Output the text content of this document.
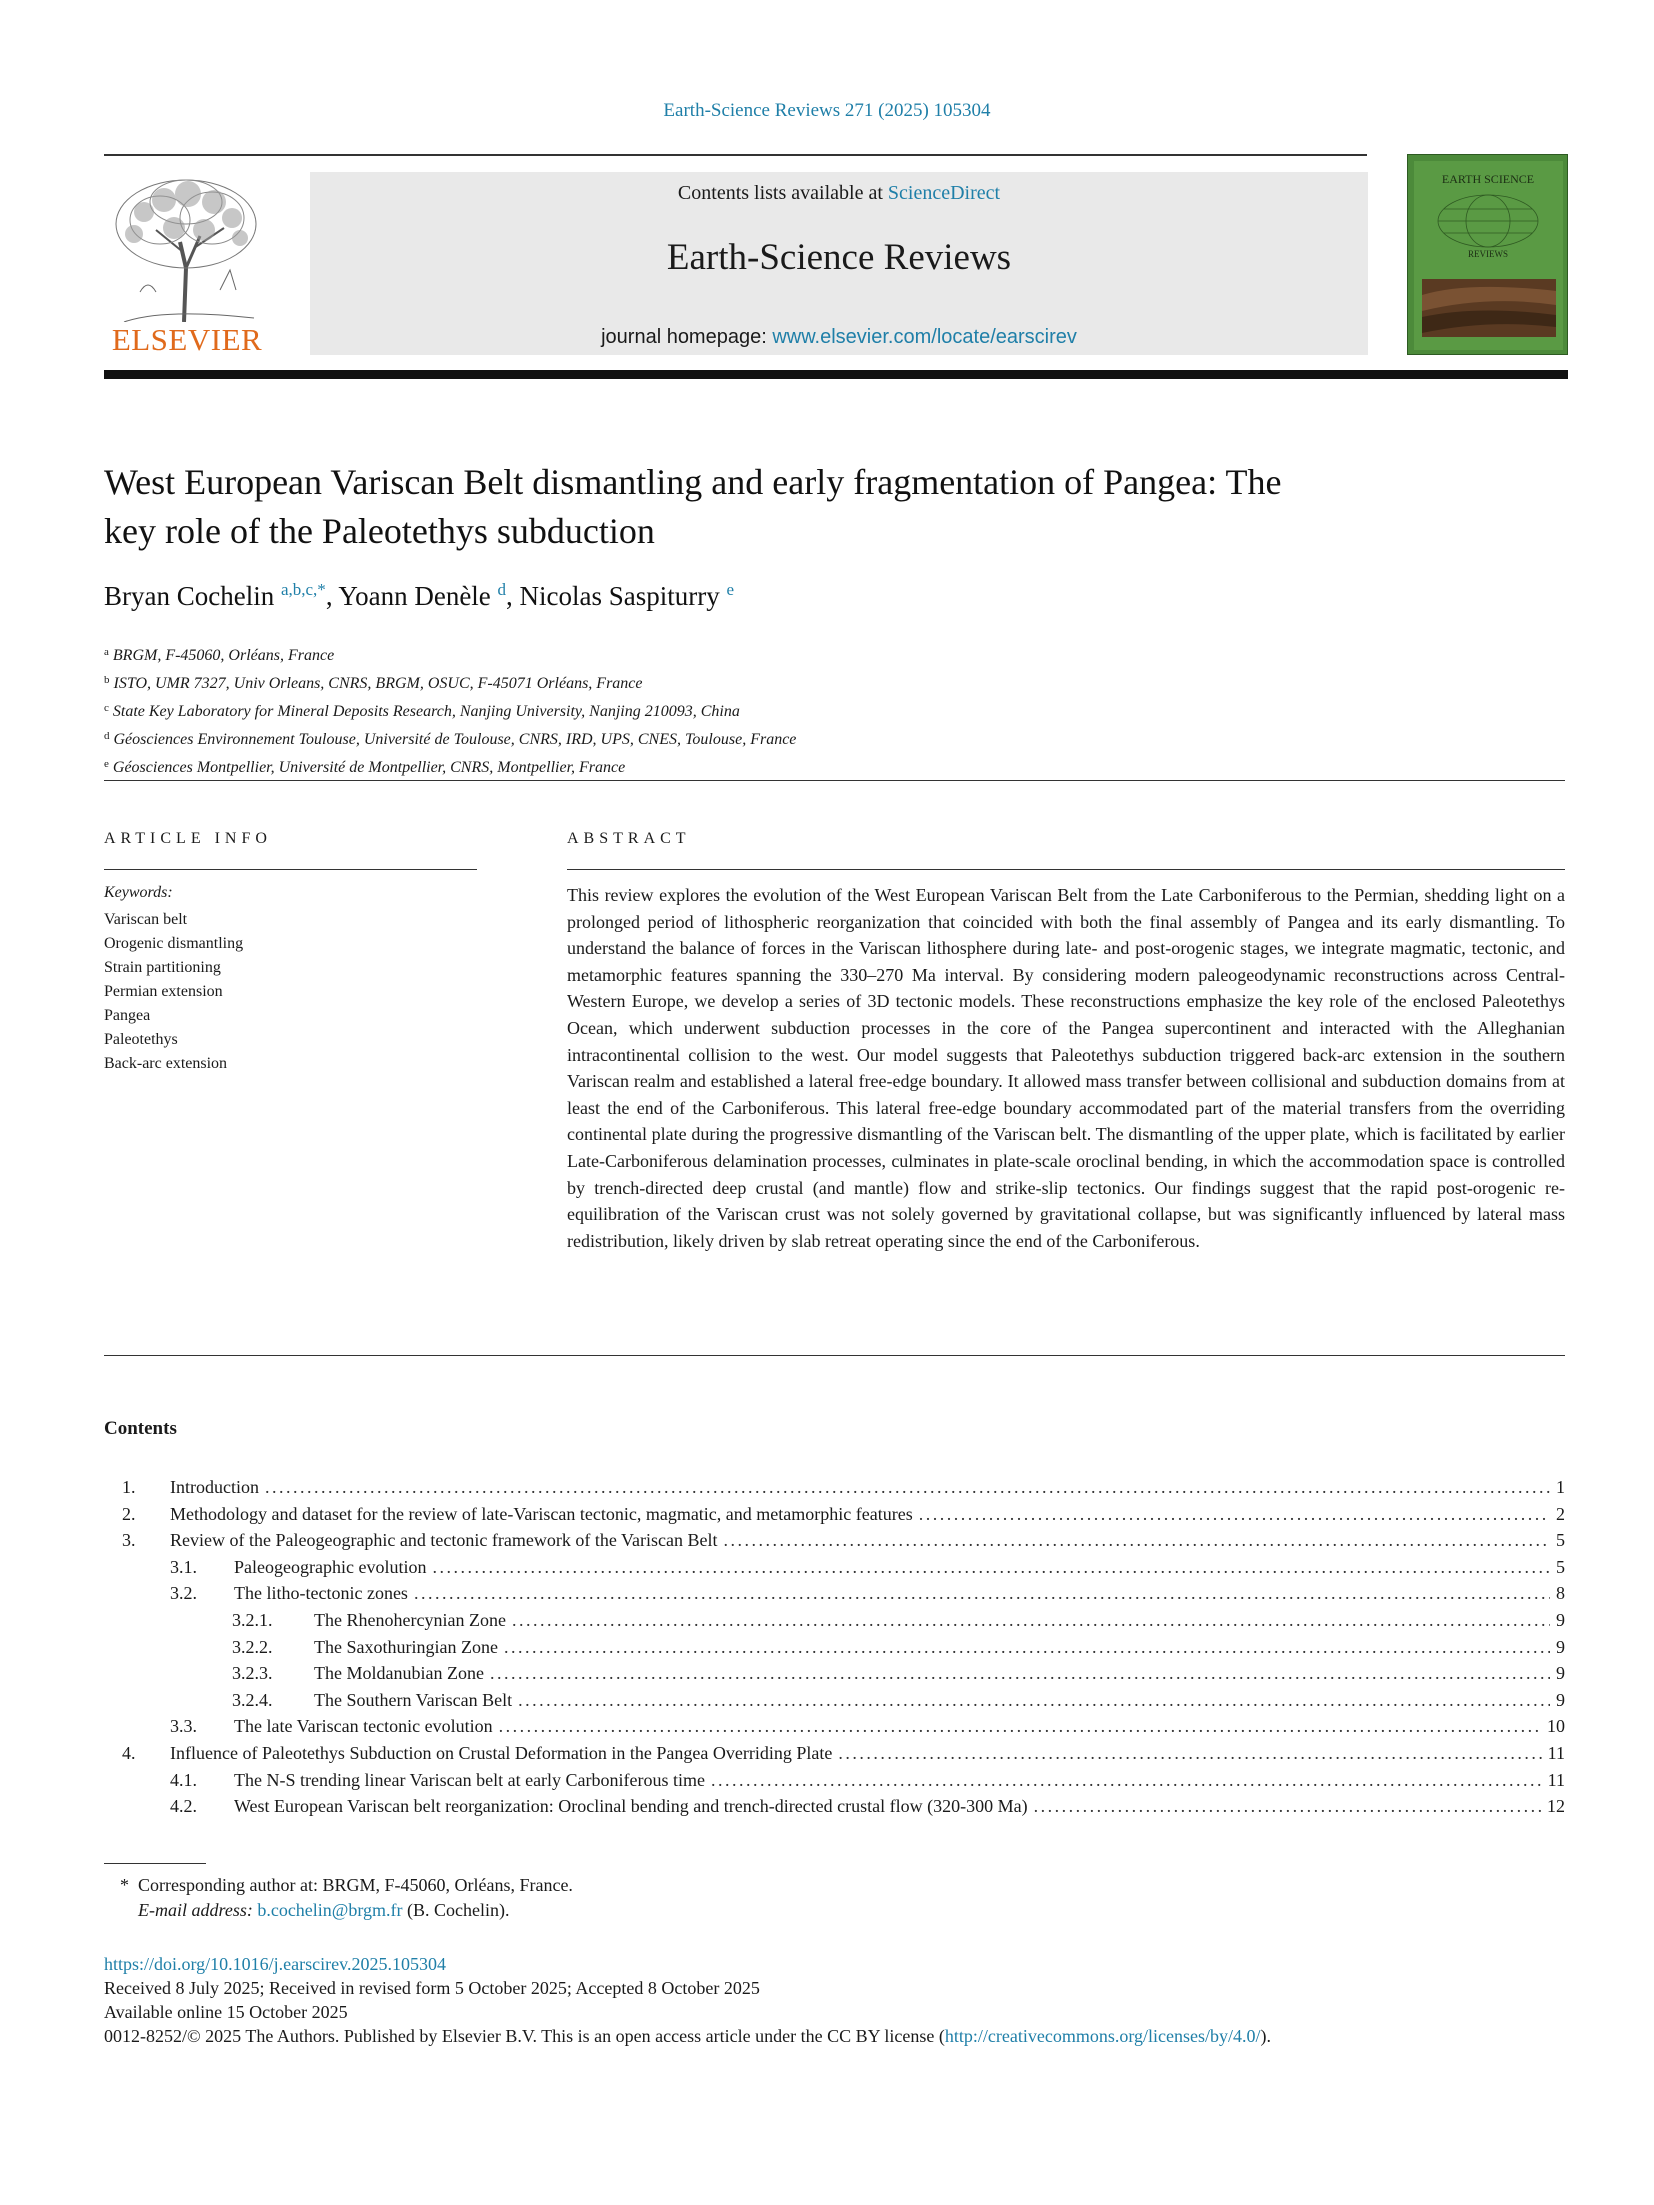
Earth-Science Reviews 271 (2025) 105304
ELSEVIER
Contents lists available at ScienceDirect
Earth-Science Reviews
journal homepage: www.elsevier.com/locate/earscirev
EARTH SCIENCE
REVIEWS
West European Variscan Belt dismantling and early fragmentation of Pangea: The key role of the Paleotethys subduction
Bryan Cochelin $^{a,b,c,*}$, Yoann Denèle $^d$, Nicolas Saspiturry $^e$
$^a$ BRGM, F-45060, Orléans, France
$^b$ ISTO, UMR 7327, Univ Orleans, CNRS, BRGM, OSUC, F-45071 Orléans, France
$^c$ State Key Laboratory for Mineral Deposits Research, Nanjing University, Nanjing 210093, China
$^d$ Géosciences Environnement Toulouse, Université de Toulouse, CNRS, IRD, UPS, CNES, Toulouse, France
$^e$ Géosciences Montpellier, Université de Montpellier, CNRS, Montpellier, France
ARTICLE INFO
Keywords:
Variscan belt
Orogenic dismantling
Strain partitioning
Permian extension
Pangea
Paleotethys
Back-arc extension
ABSTRACT

This review explores the evolution of the West European Variscan Belt from the Late Carboniferous to the Permian, shedding light on a prolonged period of lithospheric reorganization that coincided with both the final assembly of Pangea and its early dismantling. To understand the balance of forces in the Variscan lithosphere during late- and post-orogenic stages, we integrate magmatic, tectonic, and metamorphic features spanning the 330–270 Ma interval. By considering modern paleogeodynamic reconstructions across Central-Western Europe, we develop a series of 3D tectonic models. These reconstructions emphasize the key role of the enclosed Paleotethys Ocean, which underwent subduction processes in the core of the Pangea supercontinent and interacted with the Alleghanian intracontinental collision to the west. Our model suggests that Paleotethys subduction triggered back-arc extension in the southern Variscan realm and established a lateral free-edge boundary. It allowed mass transfer between collisional and subduction domains from at least the end of the Carboniferous. This lateral free-edge boundary accommodated part of the material transfers from the overriding continental plate during the progressive dismantling of the Variscan belt. The dismantling of the upper plate, which is facilitated by earlier Late-Carboniferous delamination processes, culminates in plate-scale oroclinal bending, in which the accommodation space is controlled by trench-directed deep crustal (and mantle) flow and strike-slip tectonics. Our findings suggest that the rapid post-orogenic re-equilibration of the Variscan crust was not solely governed by gravitational collapse, but was significantly influenced by lateral mass redistribution, likely driven by slab retreat operating since the end of the Carboniferous.

Contents
1.	Introduction . . .	1
2.	Methodology and dataset for the review of late-Variscan tectonic, magmatic, and metamorphic features . . .	2
3.	Review of the Paleogeographic and tectonic framework of the Variscan Belt . . .	5
3.1.	Paleogeographic evolution . . .	5
3.2.	The litho-tectonic zones . . .	8
3.2.1.	The Rhenohercynian Zone . . .	9
3.2.2.	The Saxothuringian Zone . . .	9
3.2.3.	The Moldanubian Zone . . .	9
3.2.4.	The Southern Variscan Belt . . .	9
3.3.	The late Variscan tectonic evolution . . .	10
4.	Influence of Paleotethys Subduction on Crustal Deformation in the Pangea Overriding Plate . . .	11
4.1.	The N-S trending linear Variscan belt at early Carboniferous time . . .	11
4.2.	West European Variscan belt reorganization: Oroclinal bending and trench-directed crustal flow (320-300 Ma) . . .	12
* Corresponding author at: BRGM, F-45060, Orléans, France.
E-mail address: b.cochelin@brgm.fr (B. Cochelin).
https://doi.org/10.1016/j.earscirev.2025.105304
Received 8 July 2025; Received in revised form 5 October 2025; Accepted 8 October 2025
Available online 15 October 2025
0012-8252/© 2025 The Authors. Published by Elsevier B.V. This is an open access article under the CC BY license (http://creativecommons.org/licenses/by/4.0/).
